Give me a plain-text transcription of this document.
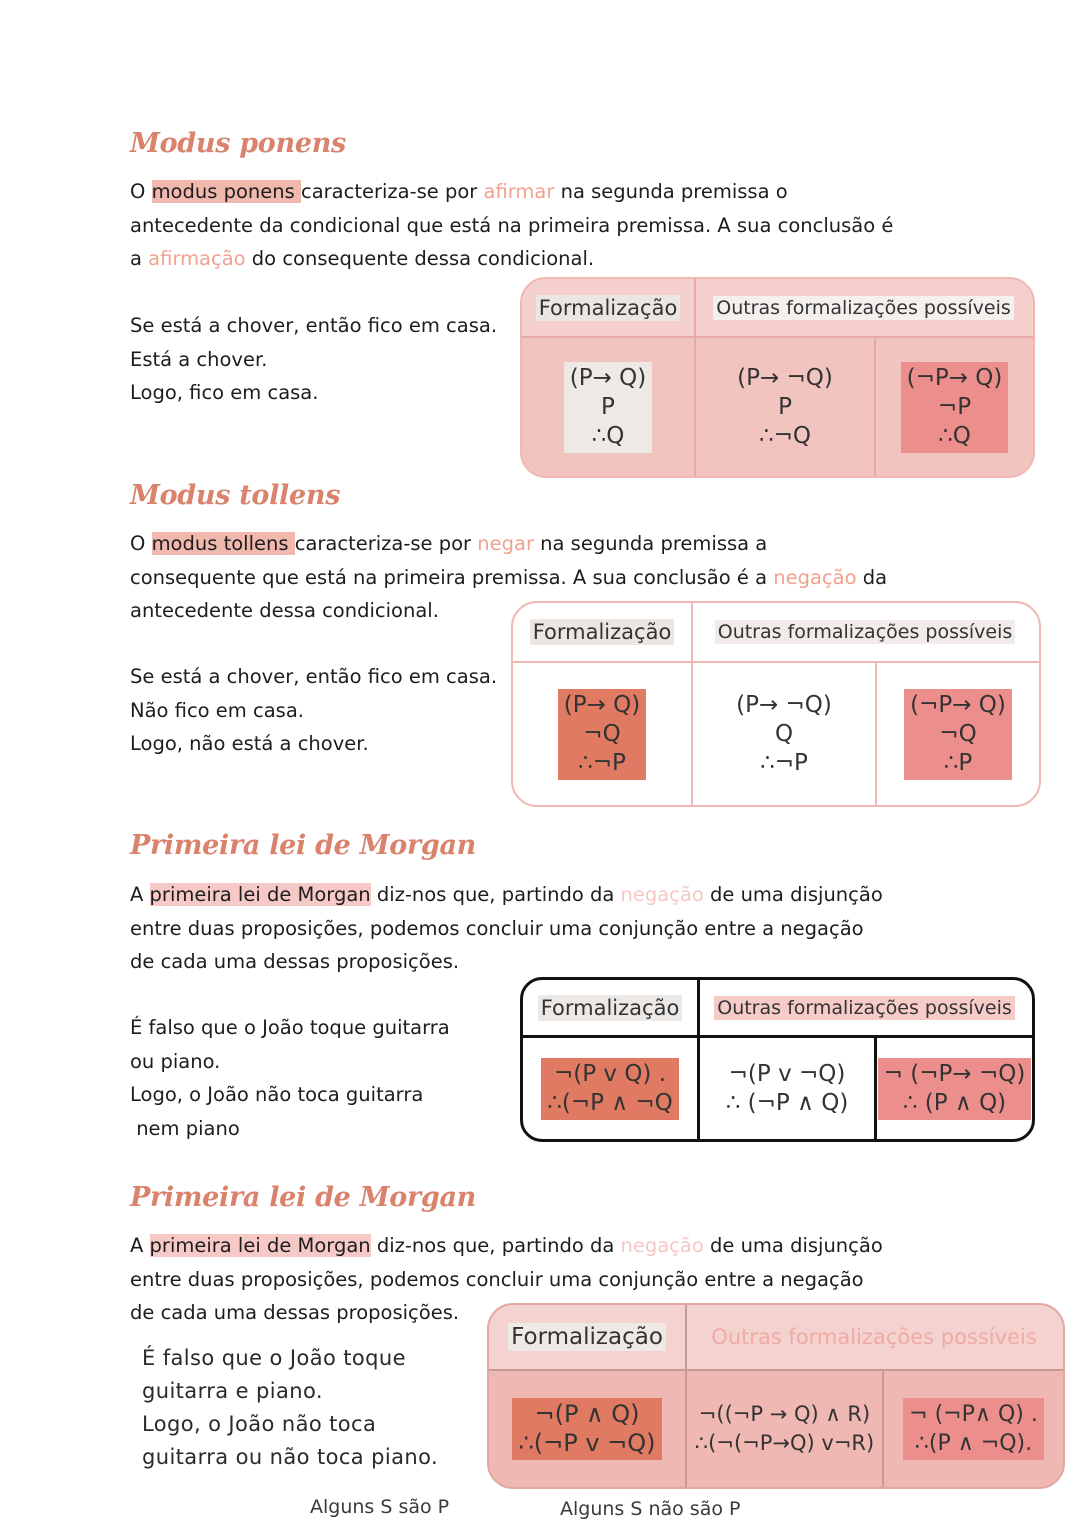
Modus ponens
O modus ponens caracteriza-se por afirmar na segunda premissa o
antecedente da condicional que está na primeira premissa. A sua conclusão é
a afirmação do consequente dessa condicional.
Se está a chover, então fico em casa.
Está a chover.
Logo, fico em casa.
Formalização Outras formalizações possíveis
(P→ Q)
P
∴Q
(P→ ¬Q)
P
∴¬Q
(¬P→ Q)
¬P
∴Q
Modus tollens
O modus tollens caracteriza-se por negar na segunda premissa a
consequente que está na primeira premissa. A sua conclusão é a negação da
antecedente dessa condicional.
Se está a chover, então fico em casa.
Não fico em casa.
Logo, não está a chover.
Formalização Outras formalizações possíveis
(P→ Q)
¬Q
∴¬P
(P→ ¬Q)
Q
∴¬P
(¬P→ Q)
¬Q
∴P
Primeira lei de Morgan
A primeira lei de Morgan diz-nos que, partindo da negação de uma disjunção
entre duas proposições, podemos concluir uma conjunção entre a negação
de cada uma dessas proposições.
É falso que o João toque guitarra
ou piano.
Logo, o João não toca guitarra
nem piano
Formalização Outras formalizações possíveis
¬(P v Q) .
∴(¬P ∧ ¬Q
¬(P v ¬Q)
∴ (¬P ∧ Q)
¬ (¬P→ ¬Q)
∴ (P ∧ Q)
Primeira lei de Morgan
A primeira lei de Morgan diz-nos que, partindo da negação de uma disjunção
entre duas proposições, podemos concluir uma conjunção entre a negação
de cada uma dessas proposições.
É falso que o João toque
guitarra e piano.
Logo, o João não toca
guitarra ou não toca piano.
Formalização Outras formalizações possíveis
¬(P ∧ Q)
∴(¬P v ¬Q)
¬((¬P → Q) ∧ R)
∴(¬(¬P→Q) v¬R)
¬ (¬P∧ Q) .
∴(P ∧ ¬Q).
Alguns S são P	Alguns S não são P
